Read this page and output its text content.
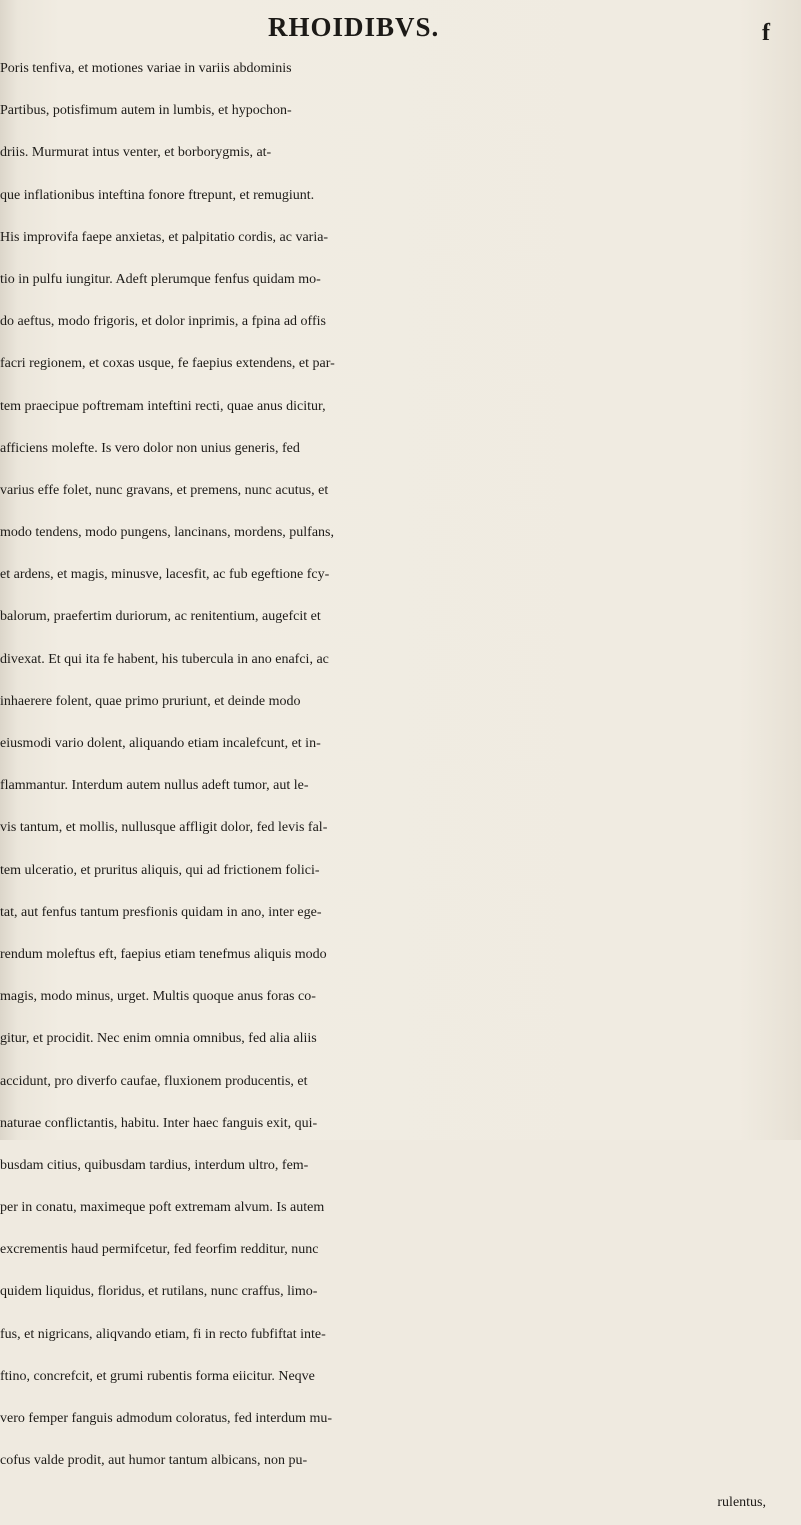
RHOIDIBVS.	f
Poris tenfiva, et motiones variae in variis abdominis
Partibus, potisfimum autem in lumbis, et hypochon-
driis. Murmurat intus venter, et borborygmis, at-
que inflationibus inteftina fonore ftrepunt, et remugiunt.
His improvifa faepe anxietas, et palpitatio cordis, ac varia-
tio in pulfu iungitur. Adeft plerumque fenfus quidam mo-
do aeftus, modo frigoris, et dolor inprimis, a fpina ad offis
facri regionem, et coxas usque, fe faepius extendens, et par-
tem praecipue poftremam inteftini recti, quae anus dicitur,
afficiens molefte. Is vero dolor non unius generis, fed
varius effe folet, nunc gravans, et premens, nunc acutus, et
modo tendens, modo pungens, lancinans, mordens, pulfans,
et ardens, et magis, minusve, lacesfit, ac fub egeftione fcy-
balorum, praefertim duriorum, ac renitentium, augefcit et
divexat. Et qui ita fe habent, his tubercula in ano enafci, ac
inhaerere folent, quae primo pruriunt, et deinde modo
eiusmodi vario dolent, aliquando etiam incalefcunt, et in-
flammantur. Interdum autem nullus adeft tumor, aut le-
vis tantum, et mollis, nullusque affligit dolor, fed levis fal-
tem ulceratio, et pruritus aliquis, qui ad frictionem folici-
tat, aut fenfus tantum presfionis quidam in ano, inter ege-
rendum moleftus eft, faepius etiam tenefmus aliquis modo
magis, modo minus, urget. Multis quoque anus foras co-
gitur, et procidit. Nec enim omnia omnibus, fed alia aliis
accidunt, pro diverfo caufae, fluxionem producentis, et
naturae conflictantis, habitu. Inter haec fanguis exit, qui-
busdam citius, quibusdam tardius, interdum ultro, fem-
per in conatu, maximeque poft extremam alvum. Is autem
excrementis haud permifcetur, fed feorfim redditur, nunc
quidem liquidus, floridus, et rutilans, nunc craffus, limo-
fus, et nigricans, aliqvando etiam, fi in recto fubfiftat inte-
ftino, concrefcit, et grumi rubentis forma eiicitur. Neqve
vero femper fanguis admodum coloratus, fed interdum mu-
cofus valde prodit, aut humor tantum albicans, non pu-
rulentus,
